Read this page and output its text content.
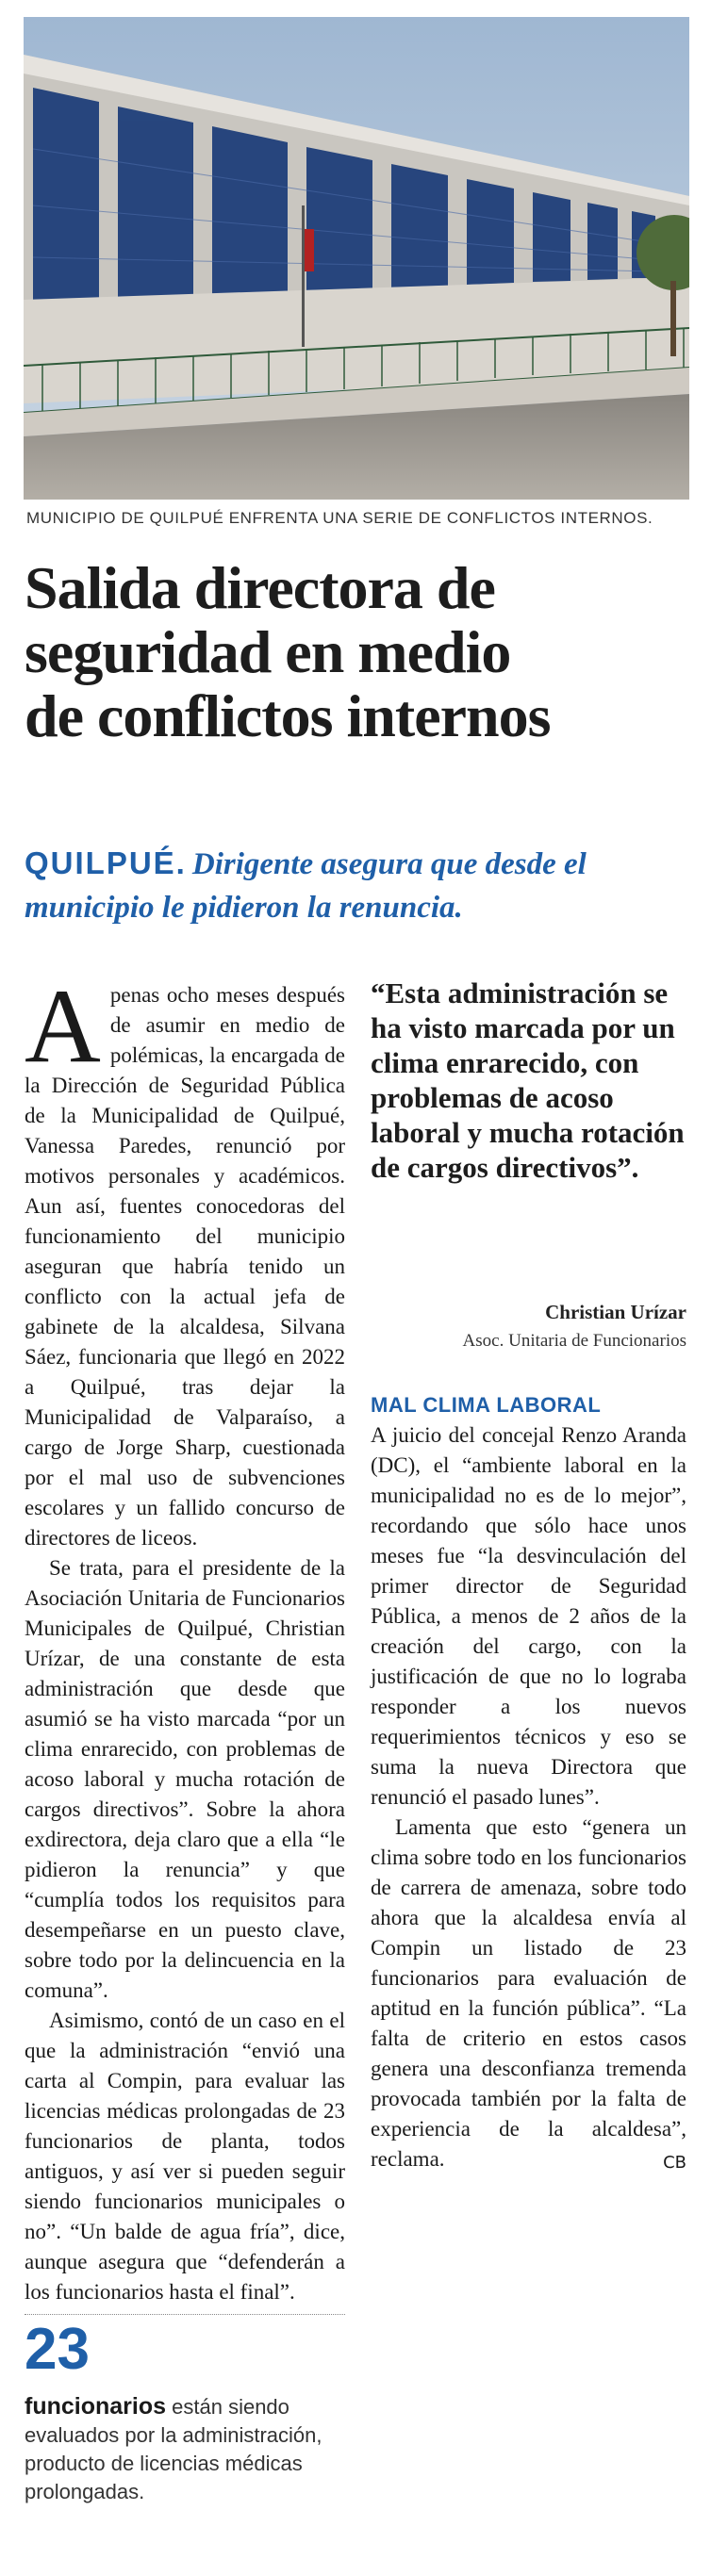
MUNICIPIO DE QUILPUÉ ENFRENTA UNA SERIE DE CONFLICTOS INTERNOS.
Salida directora de
seguridad en medio
de conflictos internos
QUILPUÉ. Dirigente asegura que desde el municipio le pidieron la renuncia.

Apenas ocho meses después de asumir en medio de polémicas, la encargada de la Dirección de Seguridad Pública de la Municipalidad de Quilpué, Vanessa Paredes, renunció por motivos personales y académicos. Aun así, fuentes conocedoras del funcionamiento del municipio aseguran que habría tenido un conflicto con la actual jefa de gabinete de la alcaldesa, Silvana Sáez, funcionaria que llegó en 2022 a Quilpué, tras dejar la Municipalidad de Valparaíso, a cargo de Jorge Sharp, cuestionada por el mal uso de subvenciones escolares y un fallido concurso de directores de liceos.

Se trata, para el presidente de la Asociación Unitaria de Funcionarios Municipales de Quilpué, Christian Urízar, de una constante de esta administración que desde que asumió se ha visto marcada “por un clima enrarecido, con problemas de acoso laboral y mucha rotación de cargos directivos”. Sobre la ahora exdirectora, deja claro que a ella “le pidieron la renuncia” y que “cumplía todos los requisitos para desempeñarse en un puesto clave, sobre todo por la delincuencia en la comuna”.

Asimismo, contó de un caso en el que la administración “envió una carta al Compin, para evaluar las licencias médicas prolongadas de 23 funcionarios de planta, todos antiguos, y así ver si pueden seguir siendo funcionarios municipales o no”. “Un balde de agua fría”, dice, aunque asegura que “defenderán a los funcionarios hasta el final”.

“Esta administración se ha visto marcada por un clima enrarecido, con problemas de acoso laboral y mucha rotación de cargos directivos”.
Christian Urízar
Asoc. Unitaria de Funcionarios

MAL CLIMA LABORAL

A juicio del concejal Renzo Aranda (DC), el “ambiente laboral en la municipalidad no es de lo mejor”, recordando que sólo hace unos meses fue “la desvinculación del primer director de Seguridad Pública, a menos de 2 años de la creación del cargo, con la justificación de que no lo lograba responder a los nuevos requerimientos técnicos y eso se suma la nueva Directora que renunció el pasado lunes”.

Lamenta que esto “genera un clima sobre todo en los funcionarios de carrera de amenaza, sobre todo ahora que la alcaldesa envía al Compin un listado de 23 funcionarios para evaluación de aptitud en la función pública”. “La falta de criterio en estos casos genera una desconfianza tremenda provocada también por la falta de experiencia de la alcaldesa”, reclama.	CB

23
funcionarios están siendo evaluados por la administración, producto de licencias médicas prolongadas.
